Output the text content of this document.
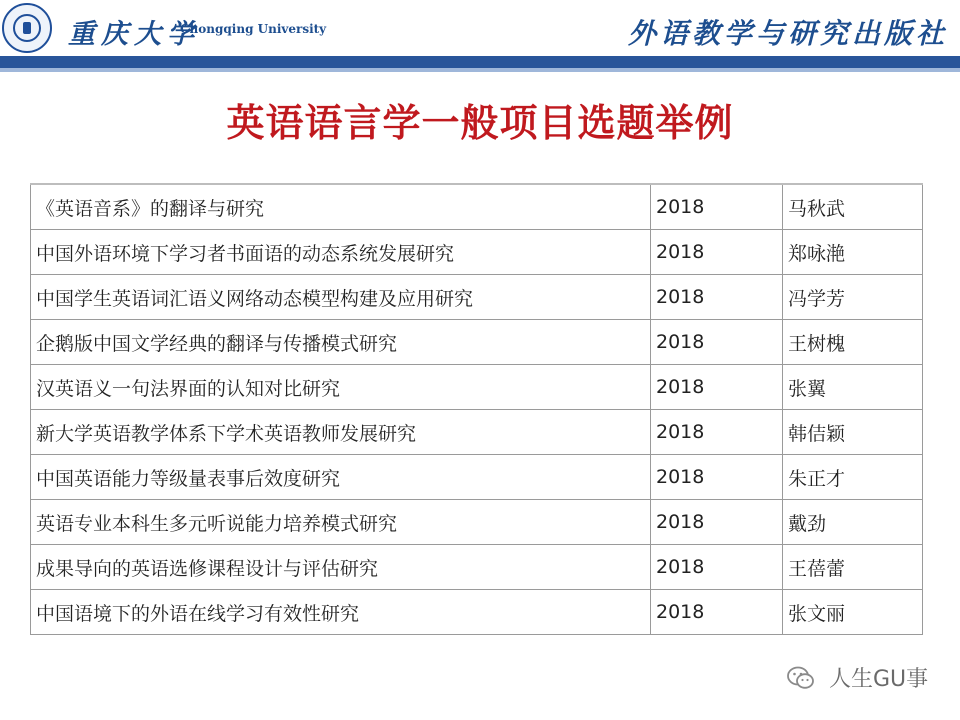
重庆大学
Chongqing University	外语教学与研究出版社
英语语言学一般项目选题举例
《英语音系》的翻译与研究	2018	马秋武
中国外语环境下学习者书面语的动态系统发展研究	2018	郑咏滟
中国学生英语词汇语义网络动态模型构建及应用研究	2018	冯学芳
企鹅版中国文学经典的翻译与传播模式研究	2018	王树槐
汉英语义一句法界面的认知对比研究	2018	张翼
新大学英语教学体系下学术英语教师发展研究	2018	韩佶颖
中国英语能力等级量表事后效度研究	2018	朱正才
英语专业本科生多元听说能力培养模式研究	2018	戴劲
成果导向的英语选修课程设计与评估研究	2018	王蓓蕾
中国语境下的外语在线学习有效性研究	2018	张文丽
人生GU事
